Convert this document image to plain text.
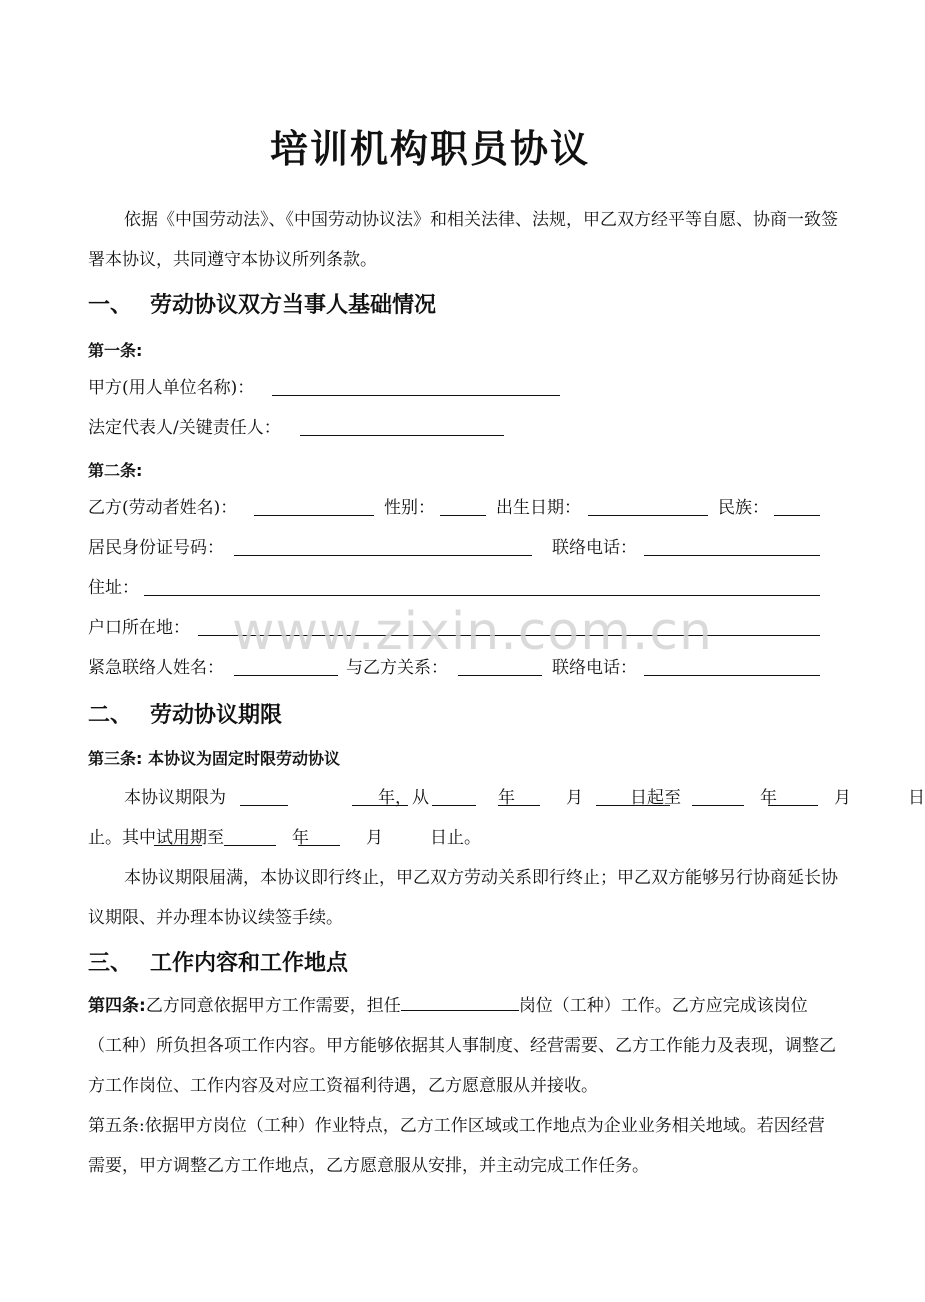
培训机构职员协议
依据《中国劳动法》、《中国劳动协议法》和相关法律、法规，甲乙双方经平等自愿、协商一致签署本协议，共同遵守本协议所列条款。
一、 劳动协议双方当事人基础情况
第一条:
甲方(用人单位名称)：
法定代表人/关键责任人：
第二条:
乙方(劳动者姓名)：	性别：	出生日期：	民族：
居民身份证号码：	联络电话：
住址：
户口所在地：
紧急联络人姓名：	与乙方关系：	联络电话：
www.zixin.com.cn
二、 劳动协议期限
第三条: 本协议为固定时限劳动协议
本协议期限为	年，从	年	月	日起至	年	月	日
止。其中试用期至	年	月	日止。
本协议期限届满，本协议即行终止，甲乙双方劳动关系即行终止；甲乙双方能够另行协商延长协议期限、并办理本协议续签手续。
三、 工作内容和工作地点
第四条:乙方同意依据甲方工作需要，担任	岗位（工种）工作。乙方应完成该岗位（工种）所负担各项工作内容。甲方能够依据其人事制度、经营需要、乙方工作能力及表现，调整乙方工作岗位、工作内容及对应工资福利待遇，乙方愿意服从并接收。
第五条:依据甲方岗位（工种）作业特点，乙方工作区域或工作地点为企业业务相关地域。若因经营需要，甲方调整乙方工作地点，乙方愿意服从安排，并主动完成工作任务。
